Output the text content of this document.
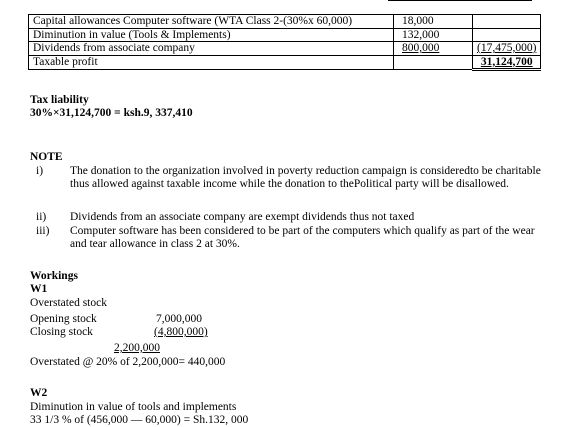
Capital allowances Computer software (WTA Class 2-(30%x 60,000)	18,000	
Diminution in value (Tools & Implements)	132,000	
Dividends from associate company	800,000	(17,475,000)
Taxable profit		31,124,700
Tax liability
30%×31,124,700 = ksh.9, 337,410
NOTE
i) The donation to the organization involved in poverty reduction campaign is consideredto be charitable thus allowed against taxable income while the donation to thePolitical party will be disallowed.
ii) Dividends from an associate company are exempt dividends thus not taxed
iii) Computer software has been considered to be part of the computers which qualify as part of the wear and tear allowance in class 2 at 30%.
Workings
W1
Overstated stock
Opening stock	7,000,000
Closing stock	(4,800,000)
2,200,000
Overstated @ 20% of 2,200,000= 440,000
W2
Diminution in value of tools and implements
33 1/3 % of (456,000 — 60,000) = Sh.132, 000
